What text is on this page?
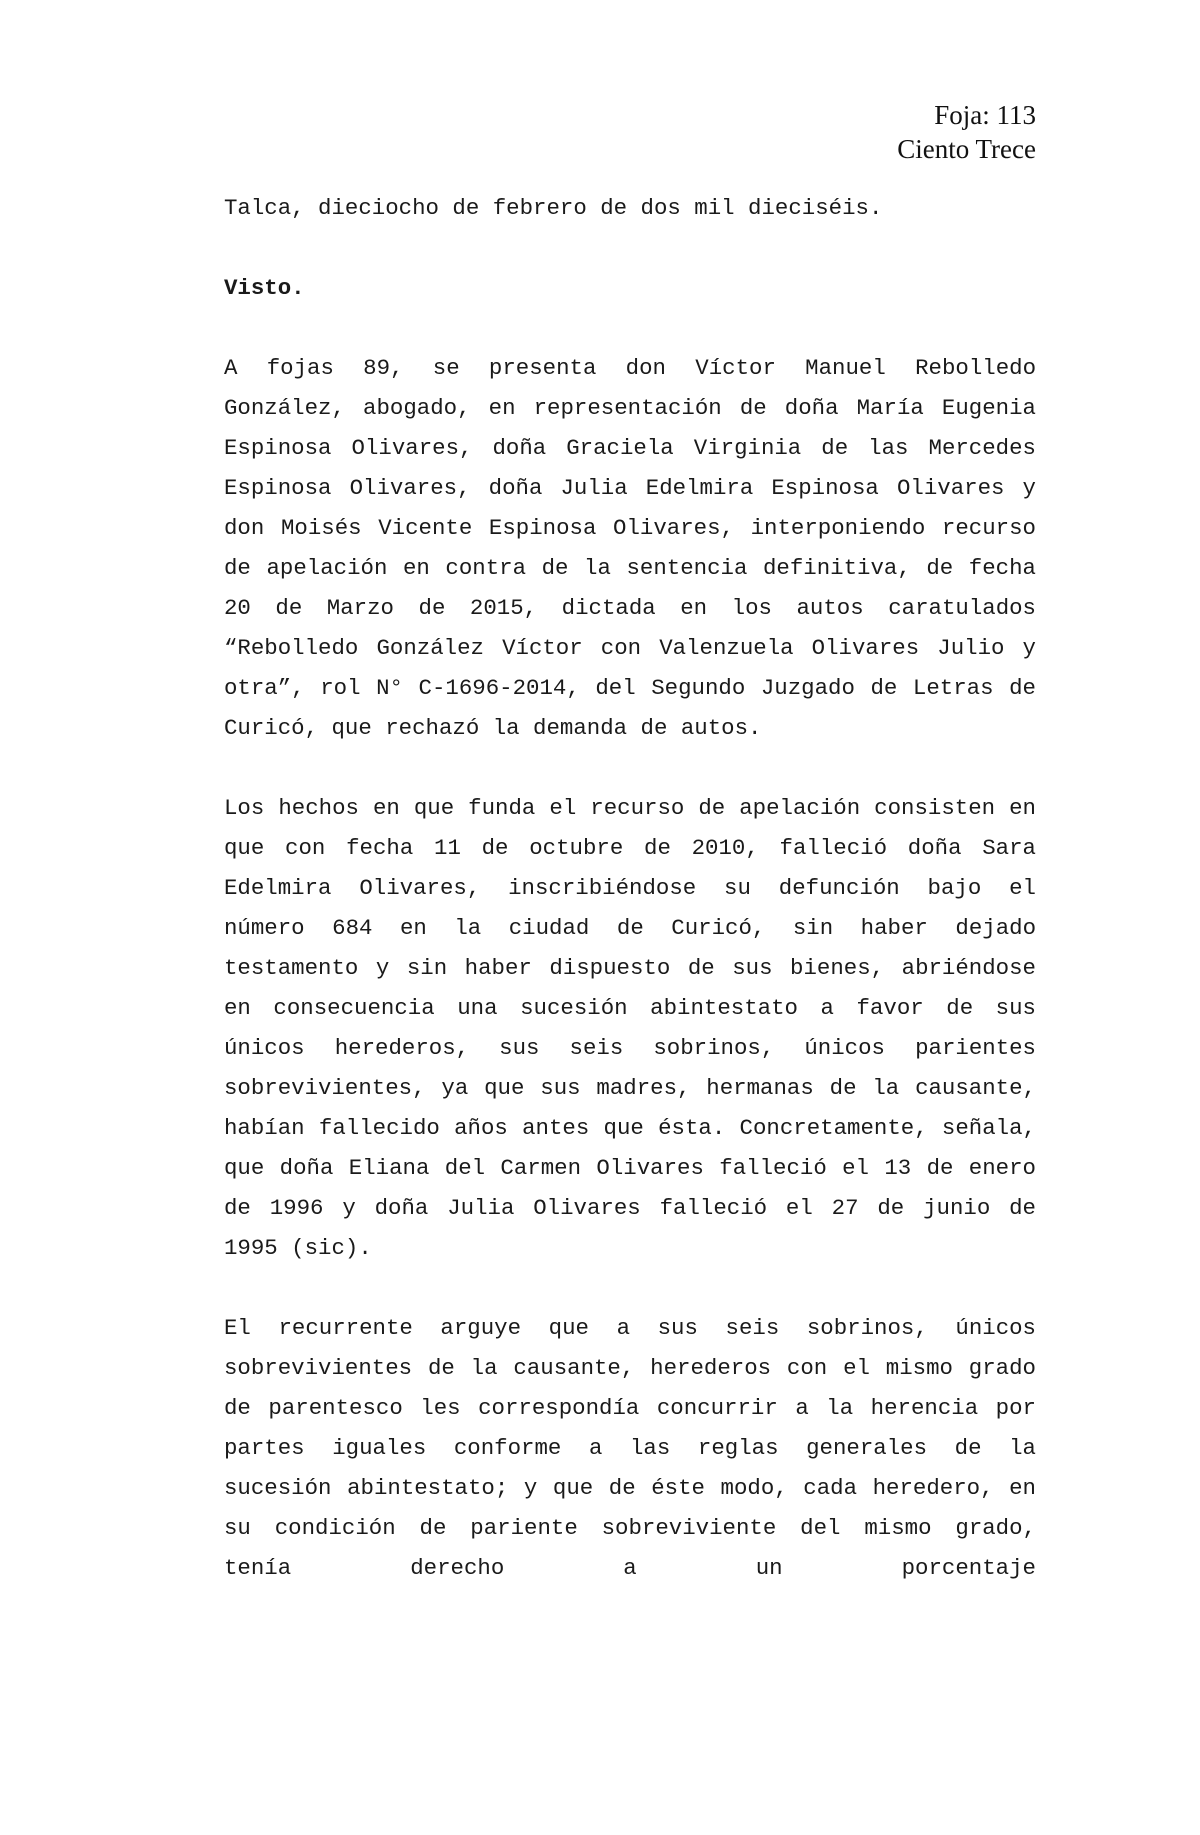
Foja: 113
Ciento Trece

Talca, dieciocho de febrero de dos mil dieciséis.

Visto.

A fojas 89, se presenta don Víctor Manuel Rebolledo González, abogado, en representación de doña María Eugenia Espinosa Olivares, doña Graciela Virginia de las Mercedes Espinosa Olivares, doña Julia Edelmira Espinosa Olivares y don Moisés Vicente Espinosa Olivares, interponiendo recurso de apelación en contra de la sentencia definitiva, de fecha 20 de Marzo de 2015, dictada en los autos caratulados “Rebolledo González Víctor con Valenzuela Olivares Julio y otra”, rol N° C-1696-2014, del Segundo Juzgado de Letras de Curicó, que rechazó la demanda de autos.

Los hechos en que funda el recurso de apelación consisten en que con fecha 11 de octubre de 2010, falleció doña Sara Edelmira Olivares, inscribiéndose su defunción bajo el número 684 en la ciudad de Curicó, sin haber dejado testamento y sin haber dispuesto de sus bienes, abriéndose en consecuencia una sucesión abintestato a favor de sus únicos herederos, sus seis sobrinos, únicos parientes sobrevivientes, ya que sus madres, hermanas de la causante, habían fallecido años antes que ésta. Concretamente, señala, que doña Eliana del Carmen Olivares falleció el 13 de enero de 1996 y doña Julia Olivares falleció el 27 de junio de 1995 (sic).

El recurrente arguye que a sus seis sobrinos, únicos sobrevivientes de la causante, herederos con el mismo grado de parentesco les correspondía concurrir a la herencia por partes iguales conforme a las reglas generales de la sucesión abintestato; y que de éste modo, cada heredero, en su condición de pariente sobreviviente del mismo grado, tenía derecho a un porcentaje
